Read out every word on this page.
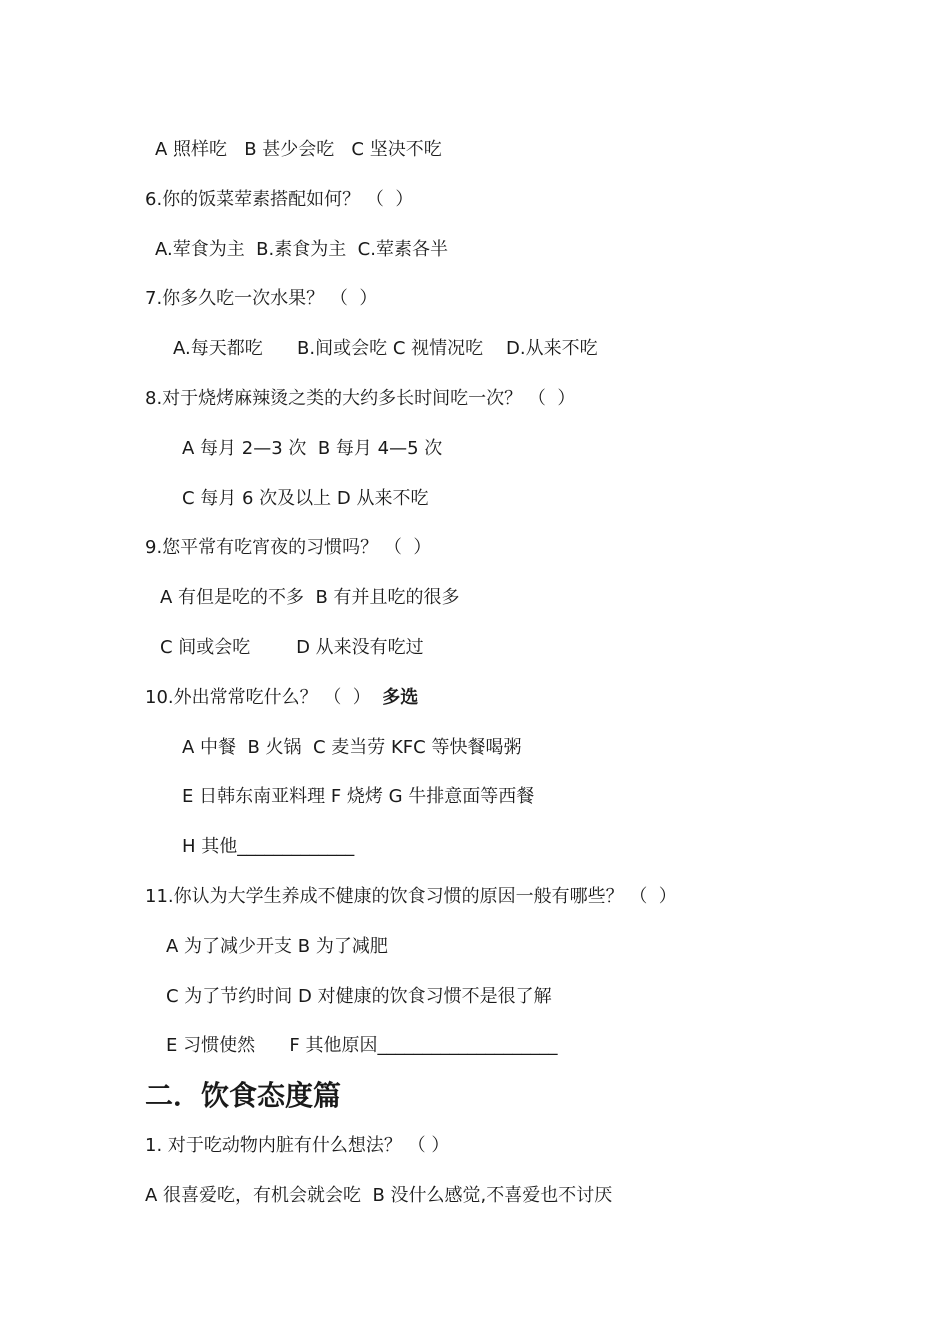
A 照样吃   B 甚少会吃   C 坚决不吃
6.你的饭菜荤素搭配如何？ （  ）
A.荤食为主  B.素食为主  C.荤素各半
7.你多久吃一次水果？ （  ）
A.每天都吃      B.间或会吃 C 视情况吃    D.从来不吃
8.对于烧烤麻辣烫之类的大约多长时间吃一次？ （  ）
A 每月 2—3 次  B 每月 4—5 次
C 每月 6 次及以上 D 从来不吃
9.您平常有吃宵夜的习惯吗？ （  ）
A 有但是吃的不多  B 有并且吃的很多
C 间或会吃        D 从来没有吃过
10.外出常常吃什么？ （  ）  多选
A 中餐  B 火锅  C 麦当劳 KFC 等快餐喝粥
E 日韩东南亚料理 F 烧烤 G 牛排意面等西餐
H 其他_____________
11.你认为大学生养成不健康的饮食习惯的原因一般有哪些？ （  ）
A 为了减少开支 B 为了减肥
C 为了节约时间 D 对健康的饮食习惯不是很了解
E 习惯使然      F 其他原因____________________
二．饮食态度篇
1. 对于吃动物内脏有什么想法？ （ ）
A 很喜爱吃，有机会就会吃  B 没什么感觉,不喜爱也不讨厌
